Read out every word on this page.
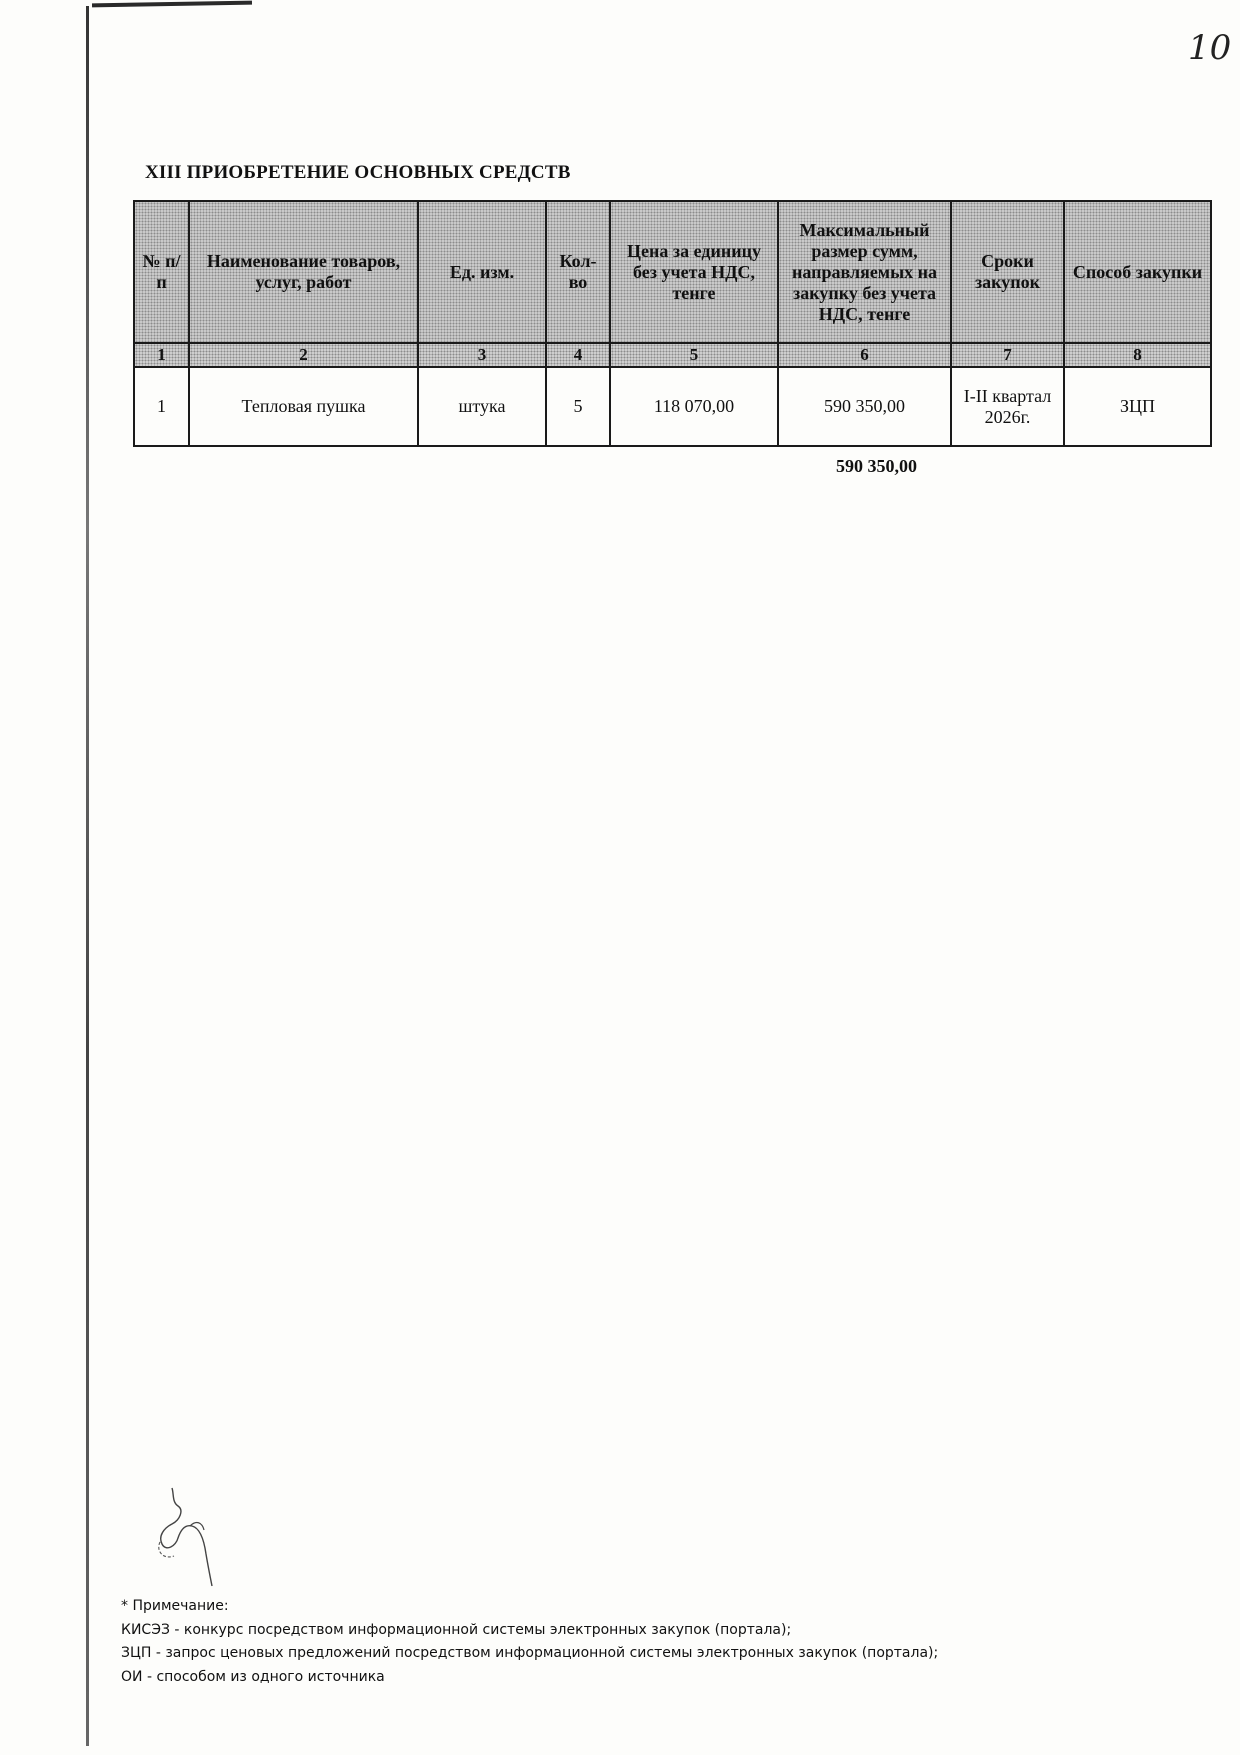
10
XIII ПРИОБРЕТЕНИЕ ОСНОВНЫХ СРЕДСТВ
№ п/п	Наименование товаров, услуг, работ	Ед. изм.	Кол-во	Цена за единицу без учета НДС, тенге	Максимальный размер сумм, направляемых на закупку без учета НДС, тенге	Сроки закупок	Способ закупки
1	2	3	4	5	6	7	8
1	Тепловая пушка	штука	5	118 070,00	590 350,00	I-II квартал 2026г.	ЗЦП
590 350,00
* Примечание:
КИСЭЗ - конкурс посредством информационной системы электронных закупок (портала);
ЗЦП - запрос ценовых предложений посредством информационной системы электронных закупок (портала);
ОИ - способом из одного источника
